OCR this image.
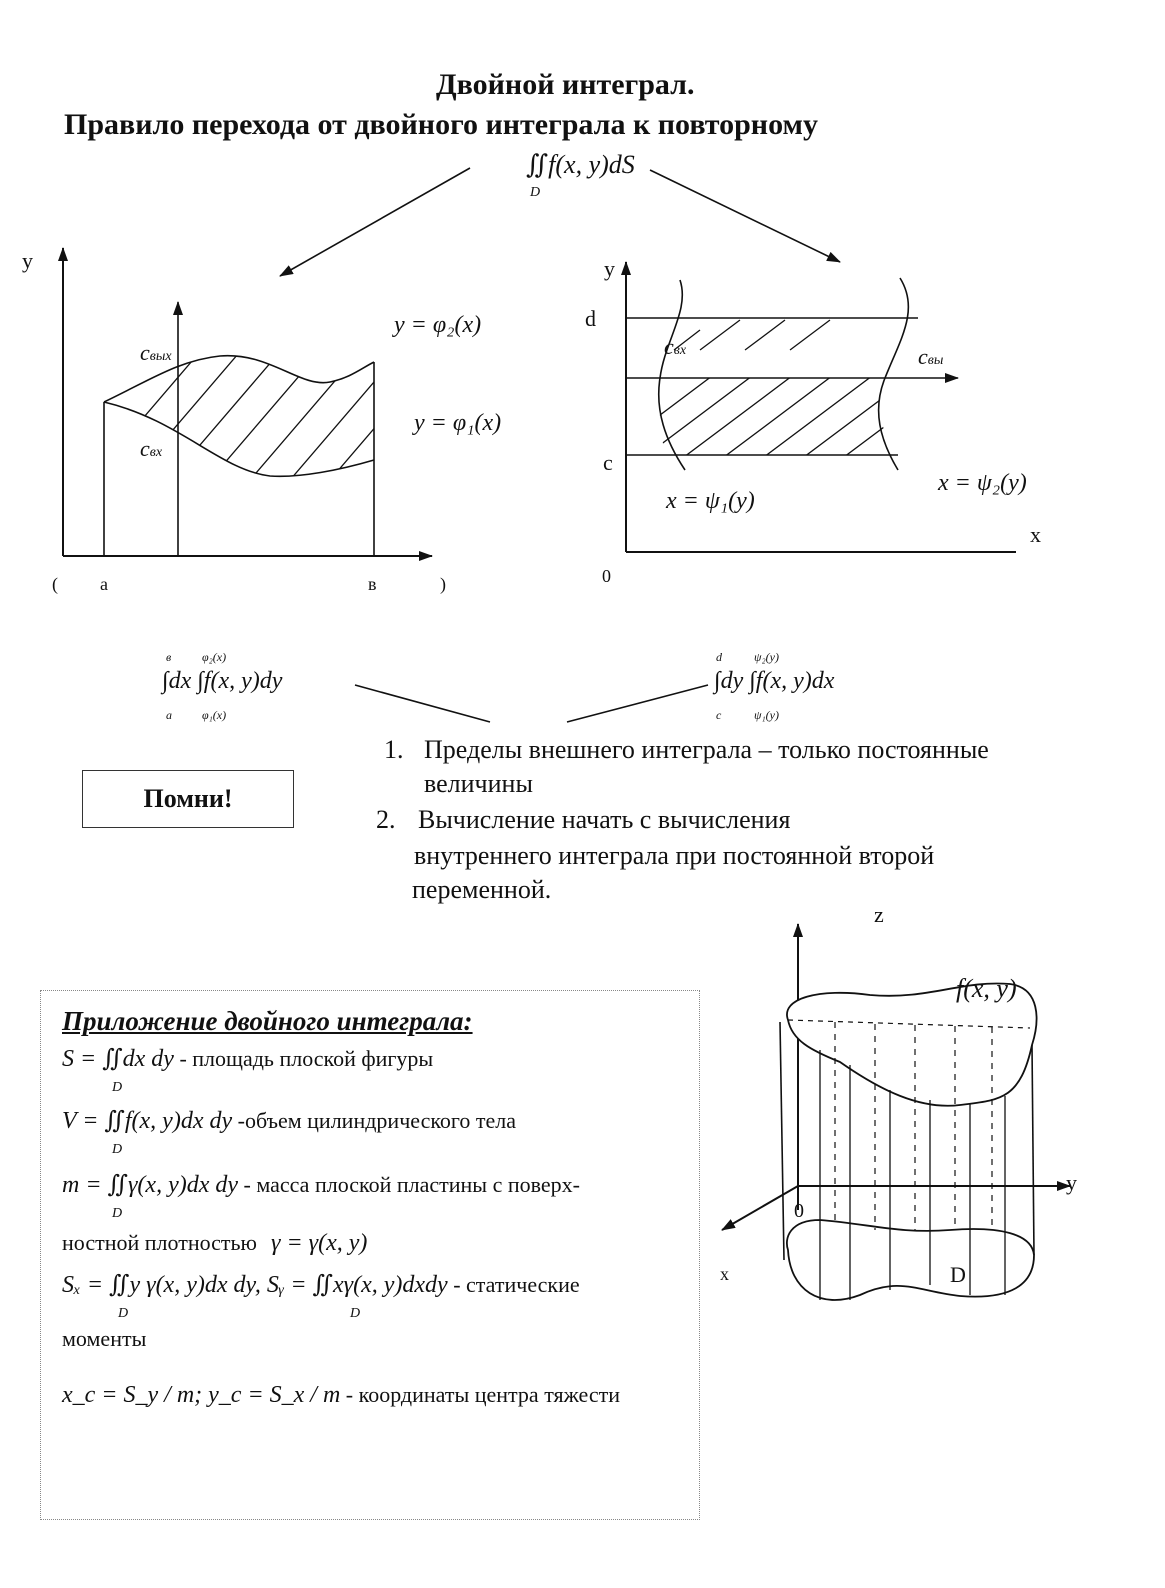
Двойной интеграл.
Правило перехода от двойного интеграла к повторному
∬f(x, y)dS
D
y
y = φ₂(x)
y = φ₁(x)
cвых
cвх
( a	в	)
y
x
d
c
0
cвх	cвы
x = ψ₁(y)
x = ψ₂(y)
в	φ₂(x)
∫dx ∫f(x, y)dy
a	φ₁(x)
d	ψ₂(y)
∫dy ∫f(x, y)dx
c	ψ₁(y)
Помни!
1. Пределы внешнего интеграла – только постоянные
величины
2. Вычисление начать с вычисления
внутреннего интеграла при постоянной второй
переменной.
Приложение двойного интеграла:
S = ∬dx dy - площадь плоской фигуры
D
V = ∬f(x, y)dx dy -объем цилиндрического тела
D
m = ∬γ(x, y)dx dy - масса плоской пластины с поверх-
D
ностной плотностью γ = γ(x, y)
Sₓ = ∬y γ(x, y)dx dy, Sᵧ = ∬xγ(x, y)dxdy - статические
D	D
моменты
x_c = S_y / m; y_c = S_x / m - координаты центра тяжести
z
y
x
0
D
f(x, y)
